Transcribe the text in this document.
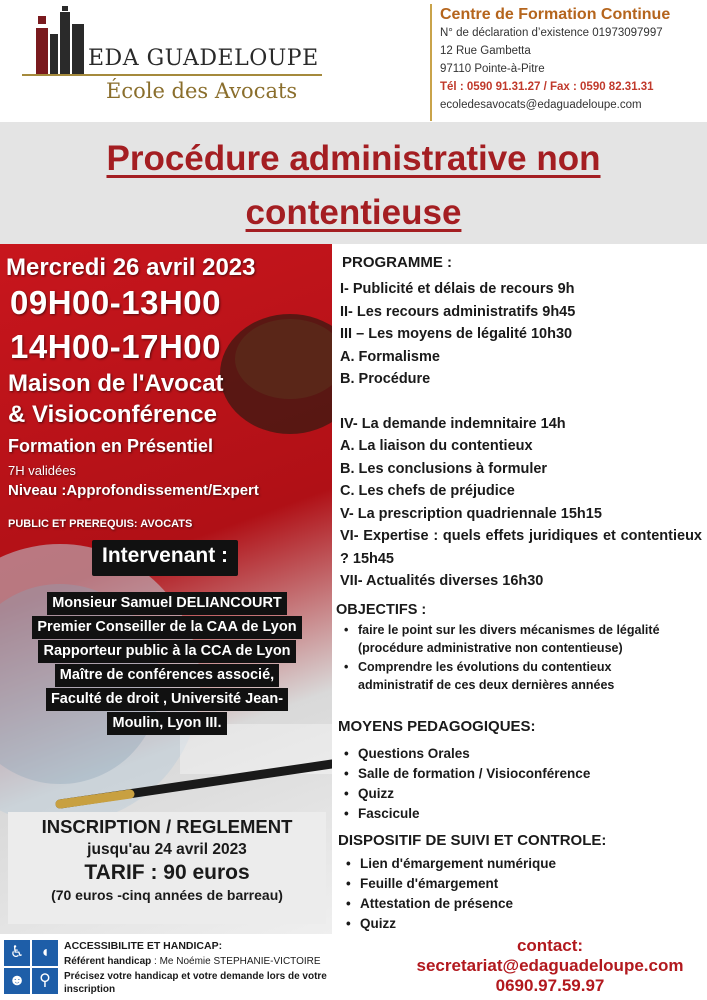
EDA GUADELOUPE
École des Avocats
Centre de Formation Continue
N° de déclaration d’existence 01973097997
12 Rue Gambetta
97110 Pointe-à-Pitre
Tél : 0590 91.31.27 / Fax : 0590 82.31.31
ecoledesavocats@edaguadeloupe.com
Procédure administrative non
contentieuse
Mercredi 26 avril 2023
09H00-13H00
14H00-17H00
Maison de l'Avocat
& Visioconférence
Formation en Présentiel
7H validées
Niveau :Approfondissement/Expert
PUBLIC ET PREREQUIS: AVOCATS
Intervenant :
Monsieur Samuel DELIANCOURT
Premier Conseiller de la CAA de Lyon
Rapporteur public à la CCA de Lyon
Maître de conférences associé,
Faculté de droit , Université Jean-
Moulin, Lyon III.
INSCRIPTION / REGLEMENT
jusqu'au 24 avril 2023
TARIF : 90 euros
(70 euros -cinq années de barreau)
PROGRAMME :
I- Publicité et délais de recours 9h
II- Les recours administratifs 9h45
III – Les moyens de légalité 10h30
A. Formalisme
B. Procédure
IV- La demande indemnitaire 14h
A. La liaison du contentieux
B. Les conclusions à formuler
C. Les chefs de préjudice
V- La prescription quadriennale 15h15
VI- Expertise : quels effets juridiques et contentieux ? 15h45
VII- Actualités diverses 16h30
OBJECTIFS :
• faire le point sur les divers mécanismes de légalité (procédure administrative non contentieuse)
• Comprendre les évolutions du contentieux administratif de ces deux dernières années
MOYENS PEDAGOGIQUES:
• Questions Orales
• Salle de formation / Visioconférence
• Quizz
• Fascicule
DISPOSITIF DE SUIVI ET CONTROLE:
• Lien d'émargement numérique
• Feuille d'émargement
• Attestation de présence
• Quizz
♿ ◖
☻ ⚲
ACCESSIBILITE ET HANDICAP:
Référent handicap : Me Noémie STEPHANIE-VICTOIRE
Précisez votre handicap et votre demande lors de votre inscription
contact:
secretariat@edaguadeloupe.com
0690.97.59.97
